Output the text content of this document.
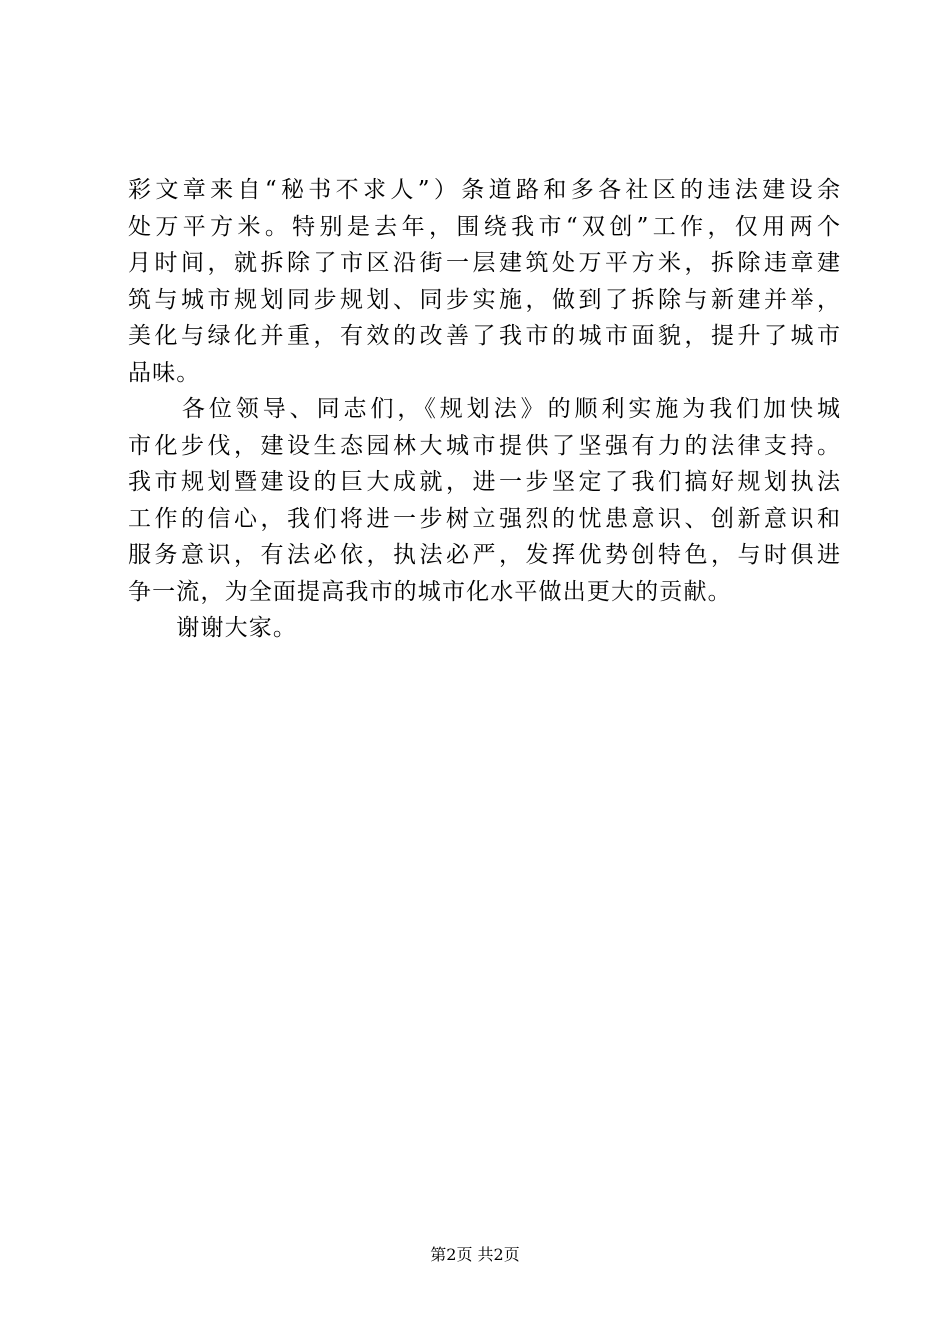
彩文章来自“秘书不求人”）条道路和多各社区的违法建设余
处万平方米。特别是去年，围绕我市“双创”工作，仅用两个
月时间，就拆除了市区沿街一层建筑处万平方米，拆除违章建
筑与城市规划同步规划、同步实施，做到了拆除与新建并举，
美化与绿化并重，有效的改善了我市的城市面貌，提升了城市
品味。
　　各位领导、同志们，《规划法》的顺利实施为我们加快城
市化步伐，建设生态园林大城市提供了坚强有力的法律支持。
我市规划暨建设的巨大成就，进一步坚定了我们搞好规划执法
工作的信心，我们将进一步树立强烈的忧患意识、创新意识和
服务意识，有法必依，执法必严，发挥优势创特色，与时俱进
争一流，为全面提高我市的城市化水平做出更大的贡献。
　　谢谢大家。
第2页 共2页
